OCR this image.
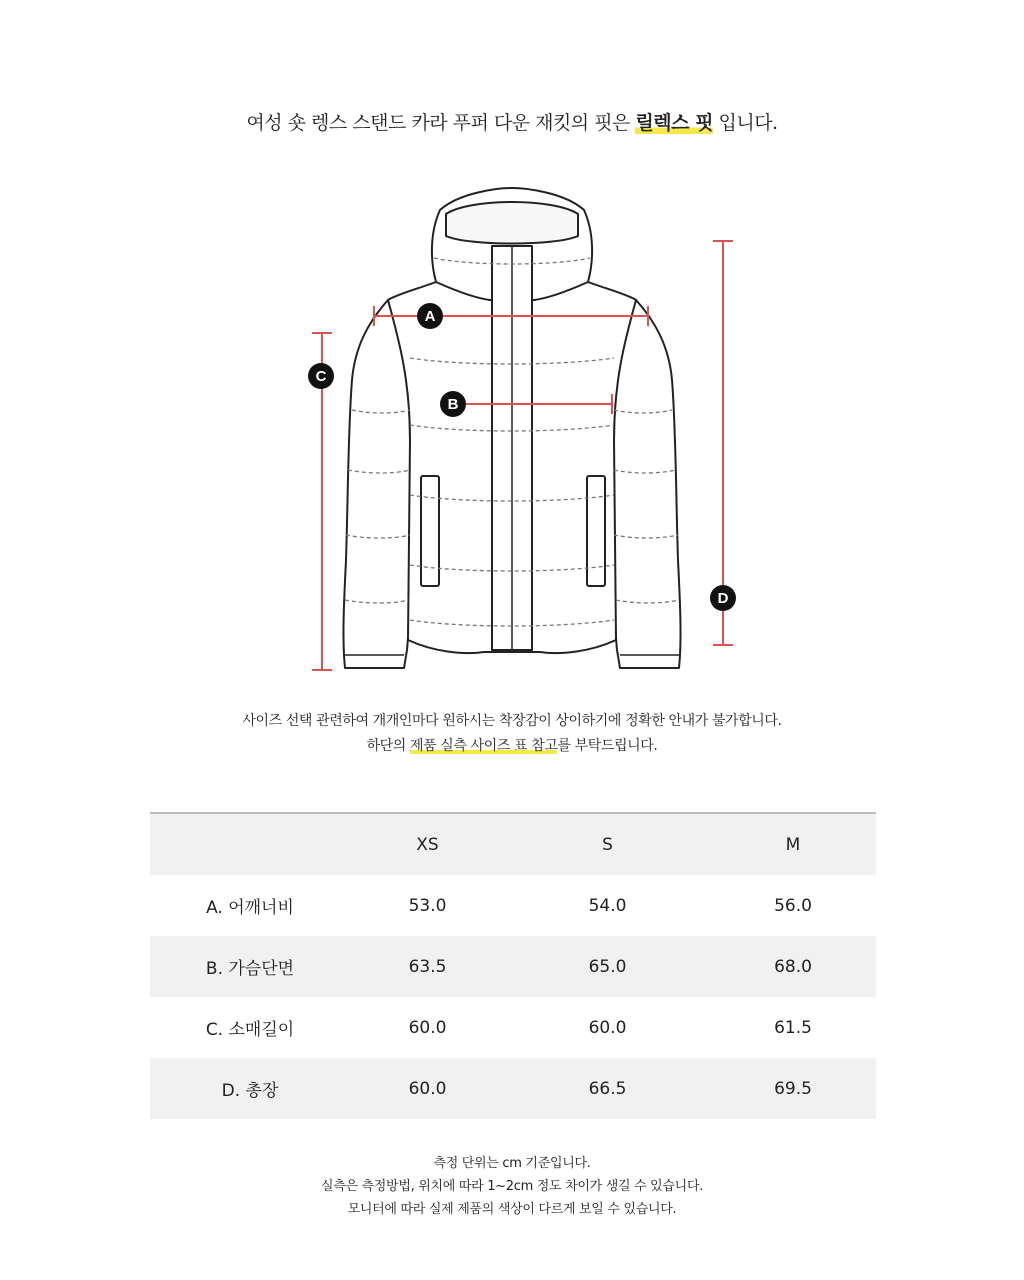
여성 숏 렝스 스탠드 카라 푸퍼 다운 재킷의 핏은 릴렉스 핏 입니다.
A
B
C
D
사이즈 선택 관련하여 개개인마다 원하시는 착장감이 상이하기에 정확한 안내가 불가합니다.
하단의 제품 실측 사이즈 표 참고를 부탁드립니다.
	XS	S	M
A. 어깨너비	53.0	54.0	56.0
B. 가슴단면	63.5	65.0	68.0
C. 소매길이	60.0	60.0	61.5
D. 총장	60.0	66.5	69.5
측정 단위는 cm 기준입니다.
실측은 측정방법, 위치에 따라 1~2cm 정도 차이가 생길 수 있습니다.
모니터에 따라 실제 제품의 색상이 다르게 보일 수 있습니다.
